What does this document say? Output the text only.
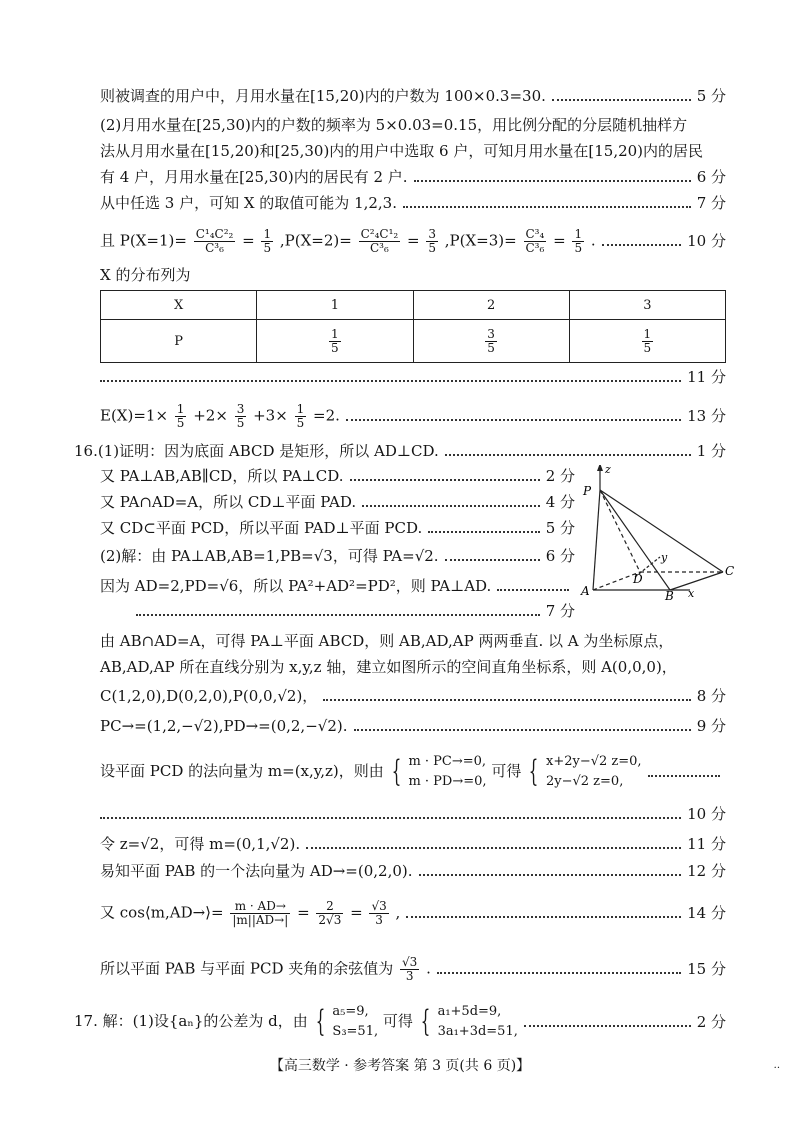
则被调查的用户中，月用水量在[15,20)内的户数为 100×0.3=30.	5 分
(2)月用水量在[25,30)内的户数的频率为 5×0.03=0.15，用比例分配的分层随机抽样方
法从月用水量在[15,20)和[25,30)内的用户中选取 6 户，可知月用水量在[15,20)内的居民
有 4 户，月用水量在[25,30)内的居民有 2 户.	6 分
从中任选 3 户，可知 X 的取值可能为 1,2,3.	7 分
且 $P(X=1)= \frac{\text{C¹₄C²₂}}{\text{C³₆}} = \frac{1}{5} ,P(X=2)= \frac{\text{C²₄C¹₂}}{\text{C³₆}} = \frac{3}{5} ,P(X=3)= \frac{\text{C³₄}}{\text{C³₆}} = \frac{1}{5}$ .	10 分
X 的分布列为
X	1	2	3
P	$\frac{1}{5}$	$\frac{3}{5}$	$\frac{1}{5}$
11 分
$E(X)=1\times \frac{1}{5} +2\times \frac{3}{5} +3\times \frac{1}{5} =2$.	13 分
16.(1)证明：因为底面 ABCD 是矩形，所以 AD⊥CD.	1 分
又 PA⊥AB,AB∥CD，所以 PA⊥CD.	2 分
又 PA∩AD=A，所以 CD⊥平面 PAD.	4 分
又 CD⊂平面 PCD，所以平面 PAD⊥平面 PCD.	5 分
(2)解：由 PA⊥AB,AB=1,PB=√3，可得 PA=√2.	6 分
因为 AD=2,PD=√6，所以 PA²+AD²=PD²，则 PA⊥AD.
7 分
P
A	B
C
D
x
y
z
由 AB∩AD=A，可得 PA⊥平面 ABCD，则 AB,AD,AP 两两垂直. 以 A 为坐标原点，
AB,AD,AP 所在直线分别为 x,y,z 轴，建立如图所示的空间直角坐标系，则 A(0,0,0)，
C(1,2,0),D(0,2,0),P(0,0,√2)，	8 分
PC→=(1,2,−√2),PD→=(0,2,−√2).	9 分
设平面 PCD 的法向量为 m=(x,y,z)，则由 { m · PC→=0,
m · PD→=0,
可得 { x+2y−√2 z=0,
2y−√2 z=0,
10 分
令 z=√2，可得 m=(0,1,√2).	11 分
易知平面 PAB 的一个法向量为 AD→=(0,2,0).	12 分
又 cos⟨m,AD→⟩= $\frac{m \cdot AD\to}{|m||AD\to|} = \frac{2}{2√3} = \frac{√3}{3}$ ,	14 分
所以平面 PAB 与平面 PCD 夹角的余弦值为 $\frac{√3}{3}$ .	15 分
17. 解：(1)设{aₙ}的公差为 d，由 { a₅=9,
S₃=51,
可得 { a₁+5d=9,
3a₁+3d=51,
2 分
【高三数学 · 参考答案 第 3 页(共 6 页)】	··
